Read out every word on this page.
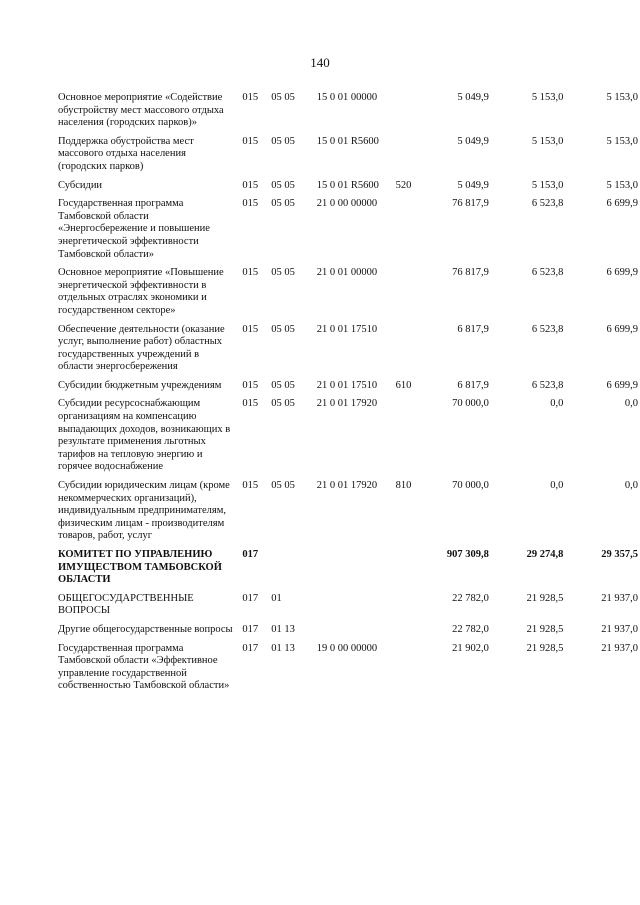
140
Основное мероприятие «Содействие обустройству мест массового отдыха населения (городских парков)»	015	05 05	15 0 01 00000		5 049,9	5 153,0	5 153,0
Поддержка обустройства мест массового отдыха населения (городских парков)	015	05 05	15 0 01 R5600		5 049,9	5 153,0	5 153,0
Субсидии	015	05 05	15 0 01 R5600	520	5 049,9	5 153,0	5 153,0
Государственная программа Тамбовской области «Энергосбережение и повышение энергетической эффективности Тамбовской области»	015	05 05	21 0 00 00000		76 817,9	6 523,8	6 699,9
Основное мероприятие «Повышение энергетической эффективности в отдельных отраслях экономики и государственном секторе»	015	05 05	21 0 01 00000		76 817,9	6 523,8	6 699,9
Обеспечение деятельности (оказание услуг, выполнение работ) областных государственных учреждений в области энергосбережения	015	05 05	21 0 01 17510		6 817,9	6 523,8	6 699,9
Субсидии бюджетным учреждениям	015	05 05	21 0 01 17510	610	6 817,9	6 523,8	6 699,9
Субсидии ресурсоснабжающим организациям на компенсацию выпадающих доходов, возникающих в результате применения льготных тарифов на тепловую энергию и горячее водоснабжение	015	05 05	21 0 01 17920		70 000,0	0,0	0,0
Субсидии юридическим лицам (кроме некоммерческих организаций), индивидуальным предпринимателям, физическим лицам - производителям товаров, работ, услуг	015	05 05	21 0 01 17920	810	70 000,0	0,0	0,0
КОМИТЕТ ПО УПРАВЛЕНИЮ ИМУЩЕСТВОМ ТАМБОВСКОЙ ОБЛАСТИ	017				907 309,8	29 274,8	29 357,5
ОБЩЕГОСУДАРСТВЕННЫЕ ВОПРОСЫ	017	01			22 782,0	21 928,5	21 937,0
Другие общегосударственные вопросы	017	01 13			22 782,0	21 928,5	21 937,0
Государственная программа Тамбовской области «Эффективное управление государственной собственностью Тамбовской области»	017	01 13	19 0 00 00000		21 902,0	21 928,5	21 937,0
